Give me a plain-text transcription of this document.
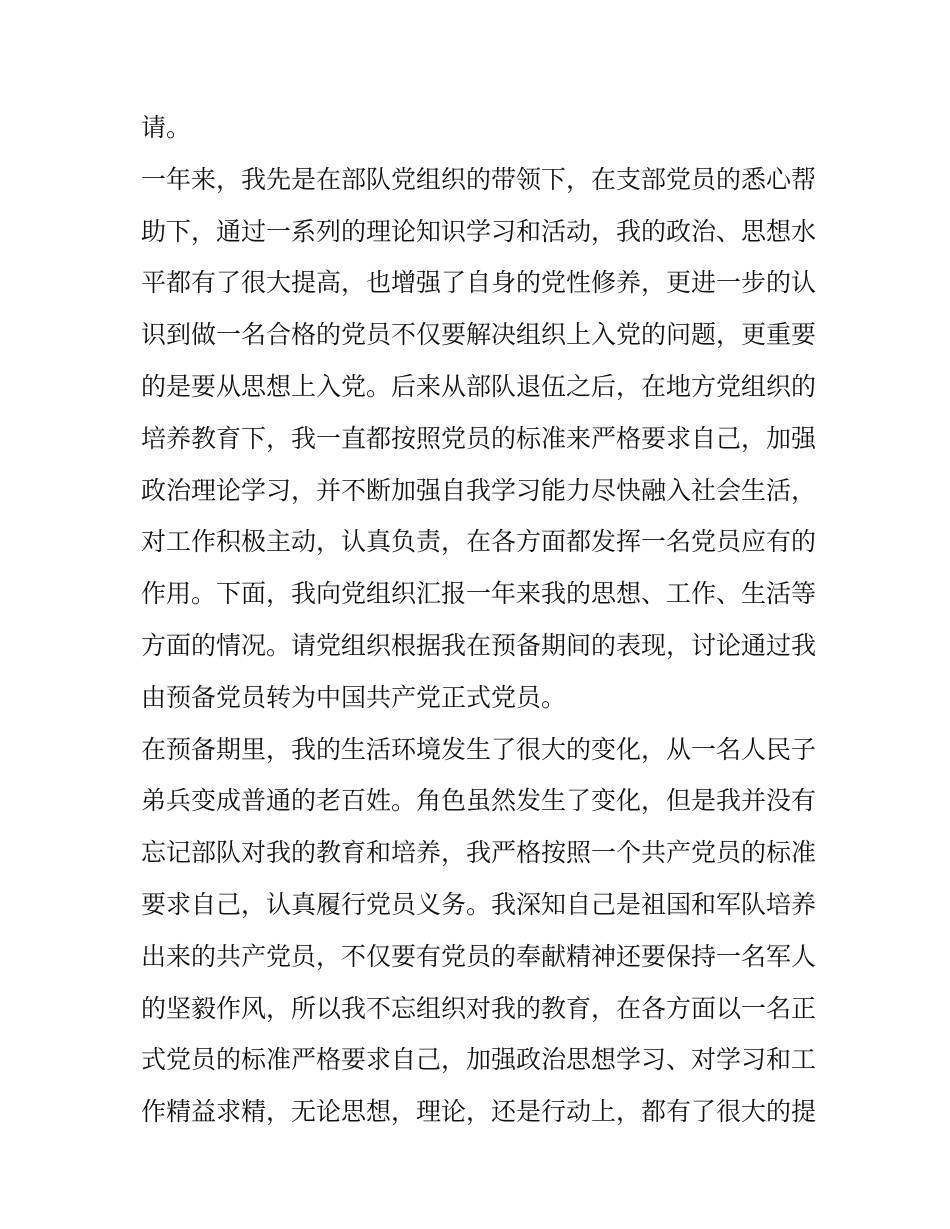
请。
一年来，我先是在部队党组织的带领下，在支部党员的悉心帮
助下，通过一系列的理论知识学习和活动，我的政治、思想水
平都有了很大提高，也增强了自身的党性修养，更进一步的认
识到做一名合格的党员不仅要解决组织上入党的问题，更重要
的是要从思想上入党。后来从部队退伍之后，在地方党组织的
培养教育下，我一直都按照党员的标准来严格要求自己，加强
政治理论学习，并不断加强自我学习能力尽快融入社会生活，
对工作积极主动，认真负责，在各方面都发挥一名党员应有的
作用。下面，我向党组织汇报一年来我的思想、工作、生活等
方面的情况。请党组织根据我在预备期间的表现，讨论通过我
由预备党员转为中国共产党正式党员。
在预备期里，我的生活环境发生了很大的变化，从一名人民子
弟兵变成普通的老百姓。角色虽然发生了变化，但是我并没有
忘记部队对我的教育和培养，我严格按照一个共产党员的标准
要求自己，认真履行党员义务。我深知自己是祖国和军队培养
出来的共产党员，不仅要有党员的奉献精神还要保持一名军人
的坚毅作风，所以我不忘组织对我的教育，在各方面以一名正
式党员的标准严格要求自己，加强政治思想学习、对学习和工
作精益求精，无论思想，理论，还是行动上，都有了很大的提
